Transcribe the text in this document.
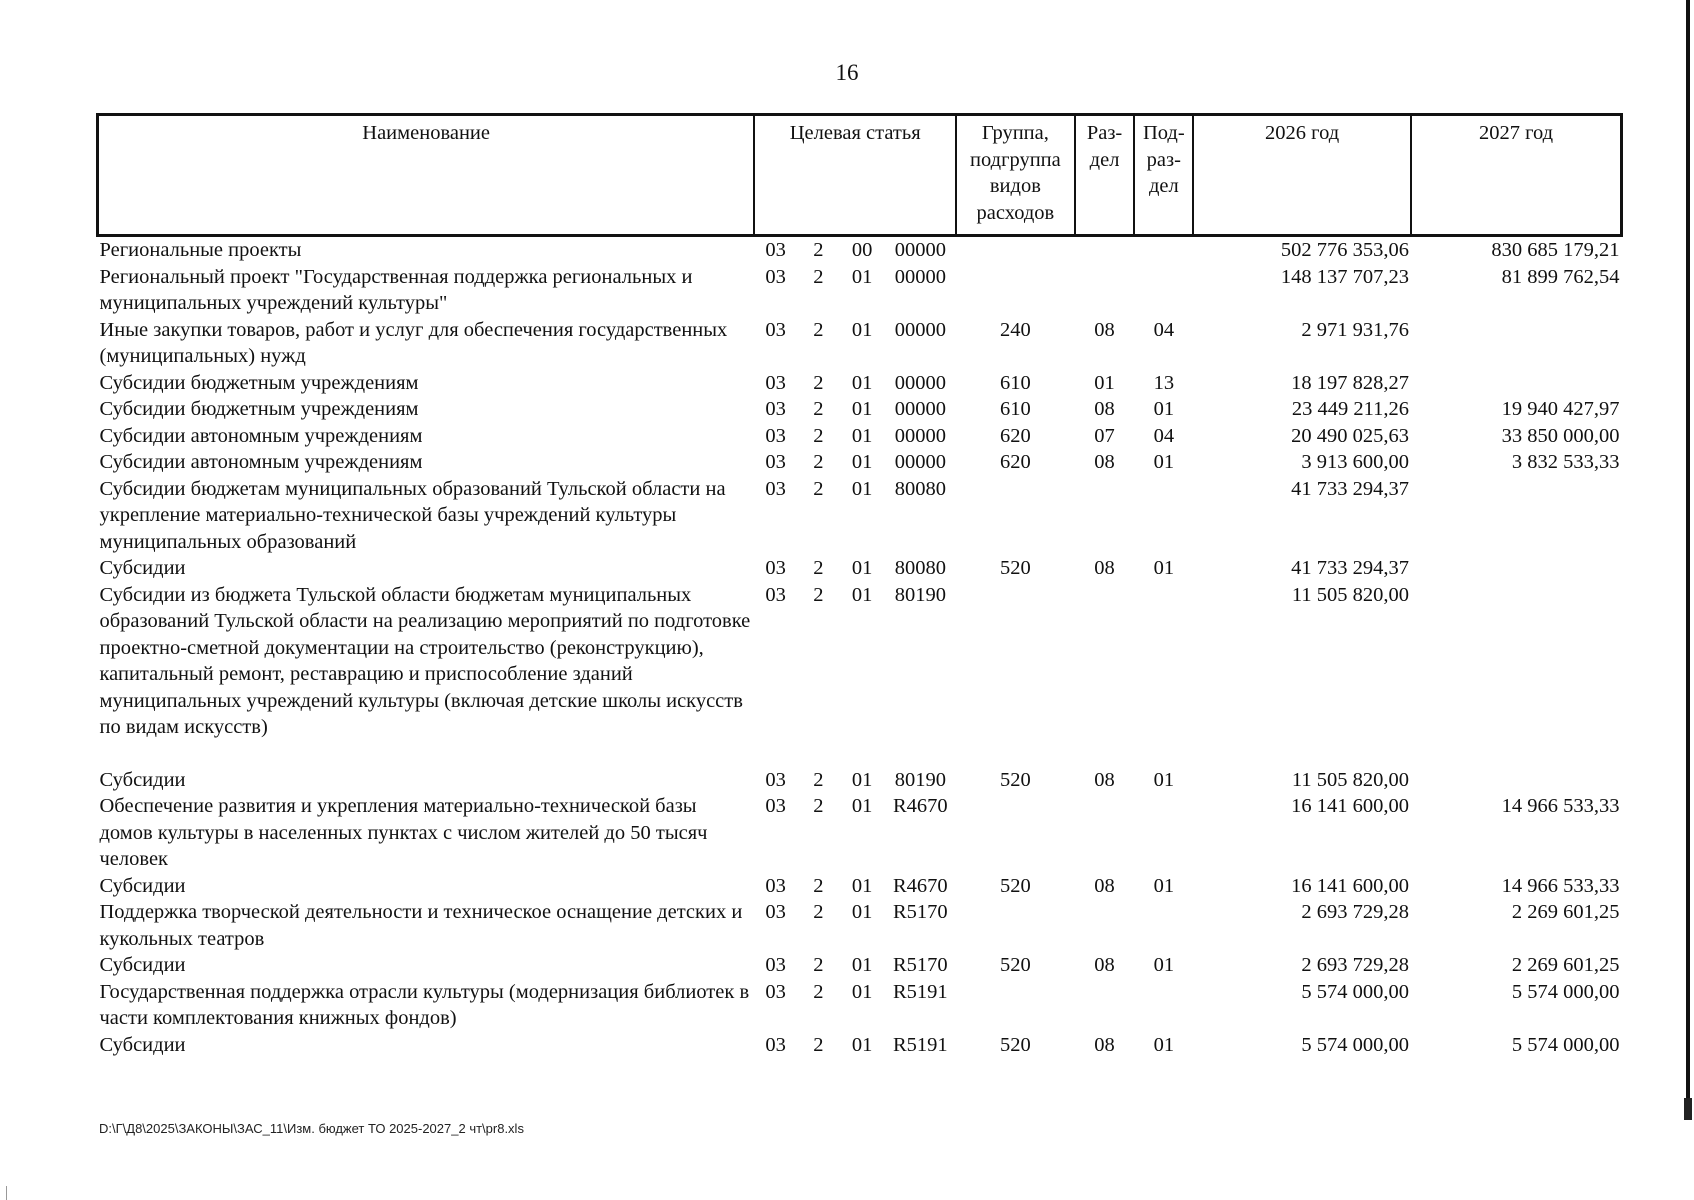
16
Наименование	Целевая статья				Группа, подгруппа видов расходов	Раз-дел	Под-раз-дел	2026 год	2027 год
Региональные проекты	03	2	00	00000				502 776 353,06	830 685 179,21
Региональный проект "Государственная поддержка региональных и муниципальных учреждений культуры"	03	2	01	00000				148 137 707,23	81 899 762,54
Иные закупки товаров, работ и услуг для обеспечения государственных (муниципальных) нужд	03	2	01	00000	240	08	04	2 971 931,76	
Субсидии бюджетным учреждениям	03	2	01	00000	610	01	13	18 197 828,27	
Субсидии бюджетным учреждениям	03	2	01	00000	610	08	01	23 449 211,26	19 940 427,97
Субсидии автономным учреждениям	03	2	01	00000	620	07	04	20 490 025,63	33 850 000,00
Субсидии автономным учреждениям	03	2	01	00000	620	08	01	3 913 600,00	3 832 533,33
Субсидии бюджетам муниципальных образований Тульской области на укрепление материально-технической базы учреждений культуры муниципальных образований	03	2	01	80080				41 733 294,37	
Субсидии	03	2	01	80080	520	08	01	41 733 294,37	
Субсидии из бюджета Тульской области бюджетам муниципальных образований Тульской области на реализацию мероприятий по подготовке проектно-сметной документации на строительство (реконструкцию), капитальный ремонт, реставрацию и приспособление зданий муниципальных учреждений культуры (включая детские школы искусств по видам искусств)	03	2	01	80190				11 505 820,00	

Субсидии	03	2	01	80190	520	08	01	11 505 820,00	
Обеспечение развития и укрепления материально-технической базы домов культуры в населенных пунктах с числом жителей до 50 тысяч человек	03	2	01	R4670				16 141 600,00	14 966 533,33
Субсидии	03	2	01	R4670	520	08	01	16 141 600,00	14 966 533,33
Поддержка творческой деятельности и техническое оснащение детских и кукольных театров	03	2	01	R5170				2 693 729,28	2 269 601,25
Субсидии	03	2	01	R5170	520	08	01	2 693 729,28	2 269 601,25
Государственная поддержка отрасли культуры (модернизация библиотек в части комплектования книжных фондов)	03	2	01	R5191				5 574 000,00	5 574 000,00
Субсидии	03	2	01	R5191	520	08	01	5 574 000,00	5 574 000,00
D:\Г\Д8\2025\ЗАКОНЫ\ЗАС_11\Изм. бюджет ТО 2025-2027_2 чт\pr8.xls
